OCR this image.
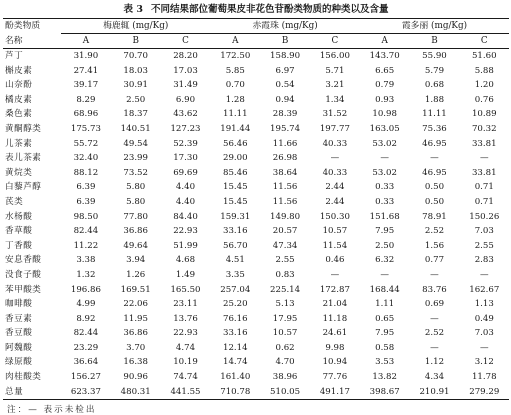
表 3 不同结果部位葡萄果皮非花色苷酚类物质的种类以及含量
酚类物质	梅鹿辄 (mg/Kg)			赤霞珠 (mg/Kg)			霞多丽 (mg/Kg)		
名称	A	B	C	A	B	C	A	B	C
芦丁	31.90	70.70	28.20	172.50	158.90	156.00	143.70	55.90	51.60
槲皮素	27.41	18.03	17.03	5.85	6.97	5.71	6.65	5.79	5.88
山奈酚	39.17	30.91	31.49	0.70	0.54	3.21	0.79	0.68	1.20
橘皮素	8.29	2.50	6.90	1.28	0.94	1.34	0.93	1.88	0.76
桑色素	68.96	18.37	43.62	11.11	28.39	31.52	10.98	11.11	10.89
黄酮醇类	175.73	140.51	127.23	191.44	195.74	197.77	163.05	75.36	70.32
儿茶素	55.72	49.54	52.39	56.46	11.66	40.33	53.02	46.95	33.81
表儿茶素	32.40	23.99	17.30	29.00	26.98	—	—	—	—
黄烷类	88.12	73.52	69.69	85.46	38.64	40.33	53.02	46.95	33.81
白藜芦醇	6.39	5.80	4.40	15.45	11.56	2.44	0.33	0.50	0.71
芪类	6.39	5.80	4.40	15.45	11.56	2.44	0.33	0.50	0.71
水杨酸	98.50	77.80	84.40	159.31	149.80	150.30	151.68	78.91	150.26
香草酸	82.44	36.86	22.93	33.16	20.57	10.57	7.95	2.52	7.03
丁香酸	11.22	49.64	51.99	56.70	47.34	11.54	2.50	1.56	2.55
安息香酸	3.38	3.94	4.68	4.51	2.55	0.46	6.32	0.77	2.83
没食子酸	1.32	1.26	1.49	3.35	0.83	—	—	—	—
苯甲酸类	196.86	169.51	165.50	257.04	225.14	172.87	168.44	83.76	162.67
咖啡酸	4.99	22.06	23.11	25.20	5.13	21.04	1.11	0.69	1.13
香豆素	8.92	11.95	13.76	76.16	17.95	11.18	0.65	—	0.49
香豆酸	82.44	36.86	22.93	33.16	10.57	24.61	7.95	2.52	7.03
阿魏酸	23.29	3.70	4.74	12.14	0.62	9.98	0.58	—	—
绿原酸	36.64	16.38	10.19	14.74	4.70	10.94	3.53	1.12	3.12
肉桂酸类	156.27	90.96	74.74	161.40	38.96	77.76	13.82	4.34	11.78
总量	623.37	480.31	441.55	710.78	510.05	491.17	398.67	210.91	279.29
注：— 表示未检出
